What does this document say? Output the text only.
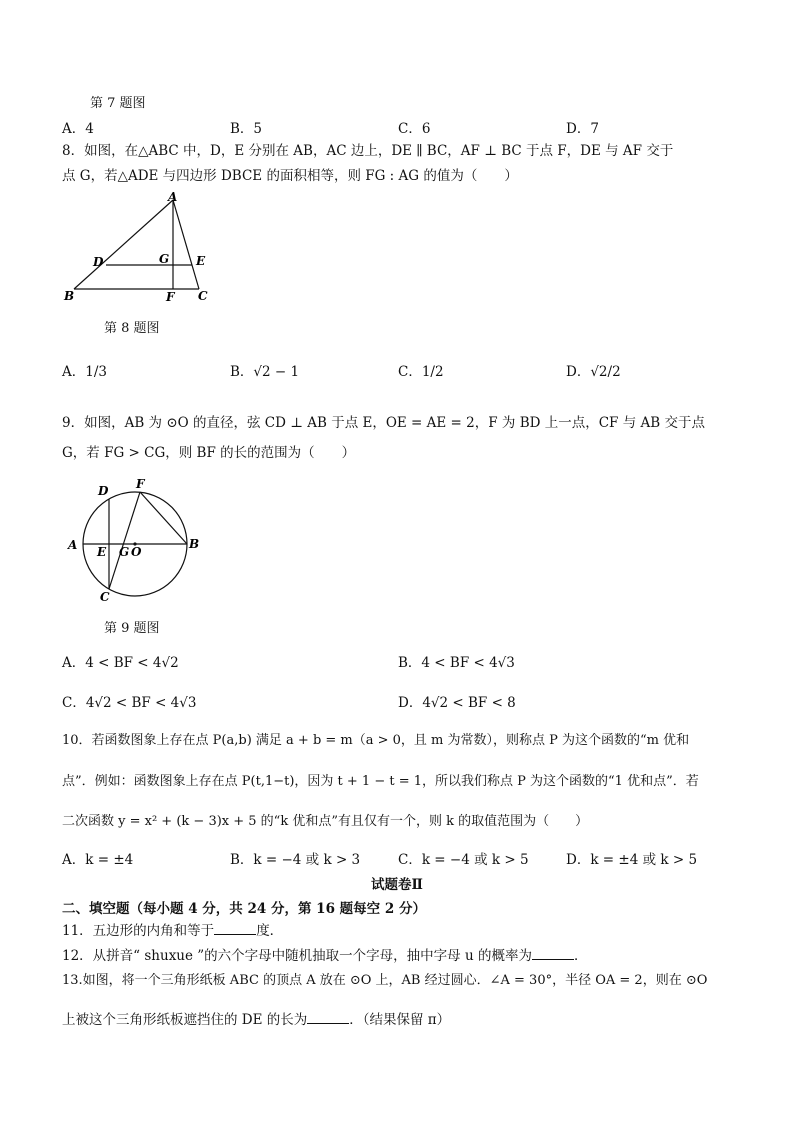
第 7 题图
A．4	B．5	C．6	D．7
8．如图，在△ABC 中，D，E 分别在 AB，AC 边上，DE ∥ BC，AF ⊥ BC 于点 F，DE 与 AF 交于
点 G，若△ADE 与四边形 DBCE 的面积相等，则 FG : AG 的值为（　　）
A
B	C
D	E
F
G
第 8 题图
A．1/3	B．√2 − 1	C．1/2	D．√2/2
9．如图，AB 为 ⊙O 的直径，弦 CD ⊥ AB 于点 E，OE = AE = 2，F 为 BD 上一点，CF 与 AB 交于点
G，若 FG > CG，则 BF 的长的范围为（　　）
A	B
C
D
E
F
G O
第 9 题图
A．4 < BF < 4√2	B．4 < BF < 4√3
C．4√2 < BF < 4√3	D．4√2 < BF < 8
10．若函数图象上存在点 P(a,b) 满足 a + b = m（a > 0，且 m 为常数），则称点 P 为这个函数的“m 优和
点”．例如：函数图象上存在点 P(t,1−t)，因为 t + 1 − t = 1，所以我们称点 P 为这个函数的“1 优和点”．若
二次函数 y = x² + (k − 3)x + 5 的“k 优和点”有且仅有一个，则 k 的取值范围为（　　）
A．k = ±4	B．k = −4 或 k > 3	C．k = −4 或 k > 5	D．k = ±4 或 k > 5
试题卷Ⅱ
二、填空题（每小题 4 分，共 24 分，第 16 题每空 2 分）
11．五边形的内角和等于	度．
12．从拼音“ shuxue ”的六个字母中随机抽取一个字母，抽中字母 u 的概率为	．
13.如图，将一个三角形纸板 ABC 的顶点 A 放在 ⊙O 上，AB 经过圆心．∠A = 30°，半径 OA = 2，则在 ⊙O
上被这个三角形纸板遮挡住的 DE 的长为	．（结果保留 π）
